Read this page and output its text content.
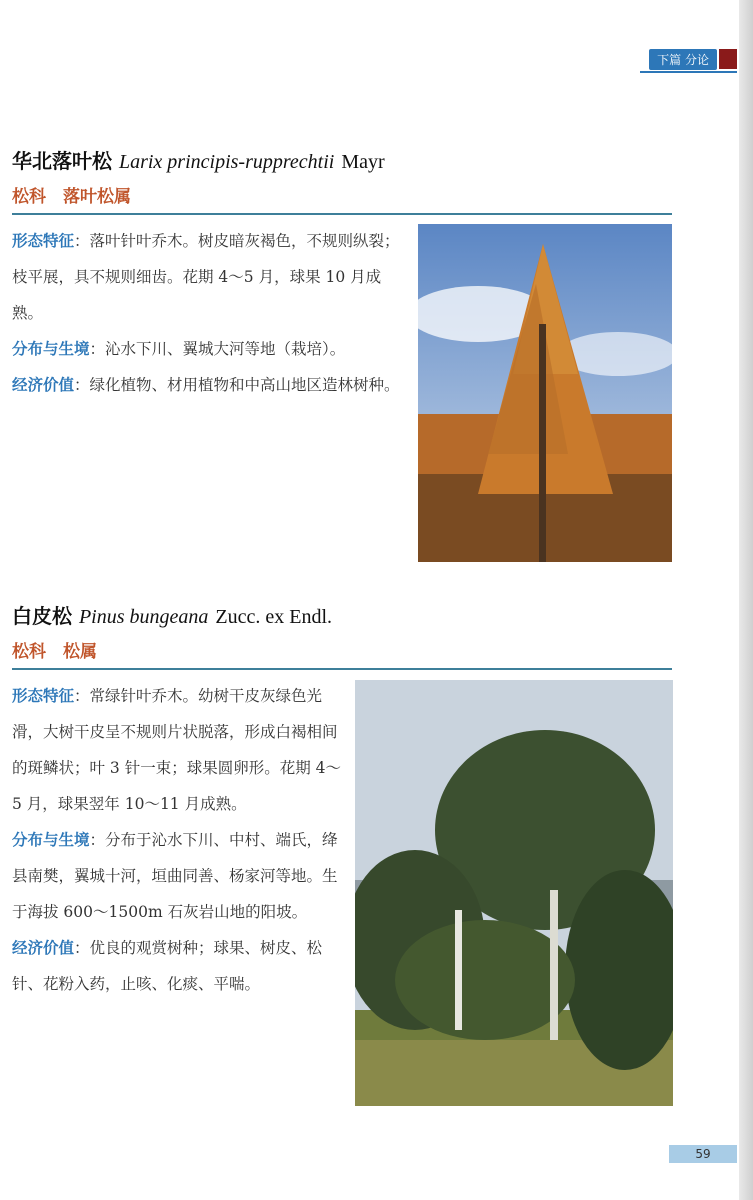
下篇 分论
华北落叶松 Larix principis-rupprechtii Mayr
松科　落叶松属
形态特征：落叶针叶乔木。树皮暗灰褐色，不规则纵裂；枝平展，具不规则细齿。花期 4～5 月，球果 10 月成熟。
分布与生境：沁水下川、翼城大河等地（栽培）。
经济价值：绿化植物、材用植物和中高山地区造林树种。
白皮松 Pinus bungeana Zucc. ex Endl.
松科　松属
形态特征：常绿针叶乔木。幼树干皮灰绿色光滑，大树干皮呈不规则片状脱落，形成白褐相间的斑鳞状；叶 3 针一束；球果圆卵形。花期 4～5 月，球果翌年 10～11 月成熟。
分布与生境：分布于沁水下川、中村、端氏，绛县南樊，翼城十河，垣曲同善、杨家河等地。生于海拔 600～1500m 石灰岩山地的阳坡。
经济价值：优良的观赏树种；球果、树皮、松针、花粉入药，止咳、化痰、平喘。
59
